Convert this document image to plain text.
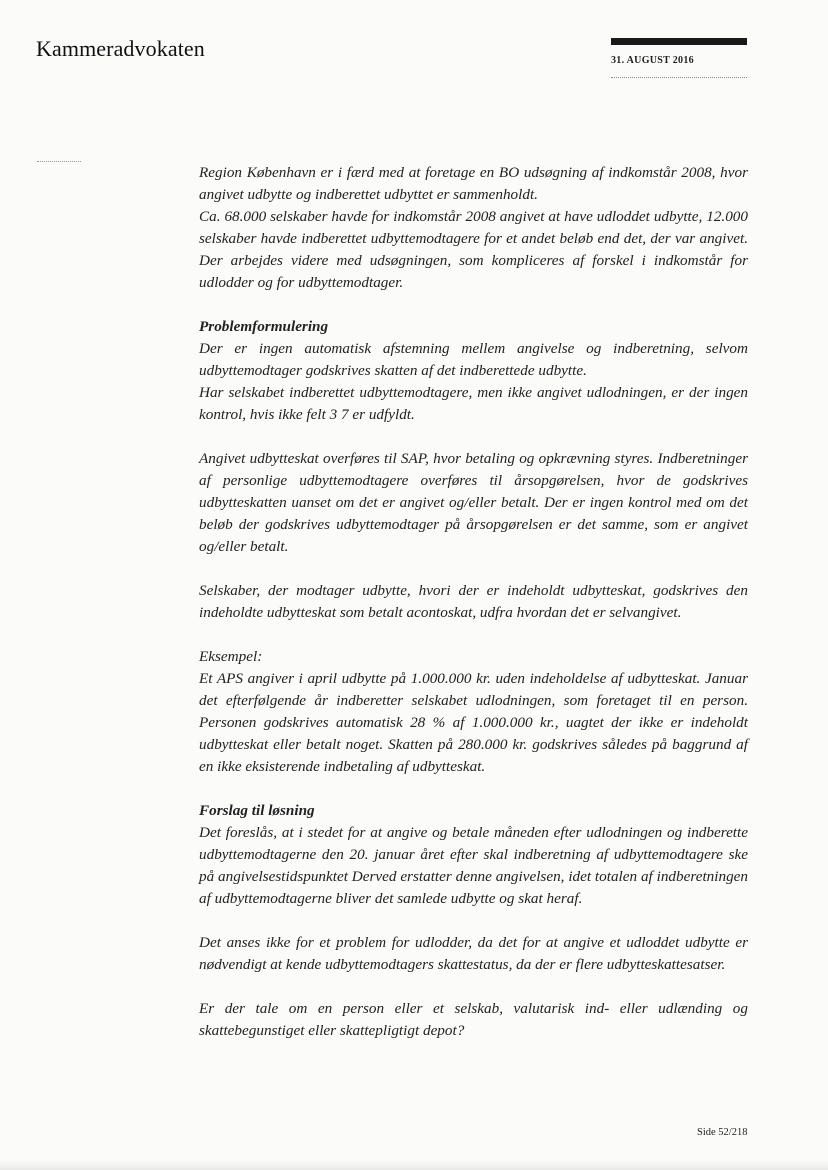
Kammeradvokaten	31. AUGUST 2016

Region København er i færd med at foretage en BO udsøgning af indkomstår 2008, hvor angivet udbytte og indberettet udbyttet er sammenholdt.

Ca. 68.000 selskaber havde for indkomstår 2008 angivet at have udloddet udbytte, 12.000 selskaber havde indberettet udbyttemodtagere for et andet beløb end det, der var angivet. Der arbejdes videre med udsøgningen, som kompliceres af forskel i indkomstår for udlodder og for udbyttemodtager.

Problemformulering

Der er ingen automatisk afstemning mellem angivelse og indberetning, selvom udbyttemodtager godskrives skatten af det indberettede udbytte.

Har selskabet indberettet udbyttemodtagere, men ikke angivet udlodningen, er der ingen kontrol, hvis ikke felt 3 7 er udfyldt.

Angivet udbytteskat overføres til SAP, hvor betaling og opkrævning styres. Indberetninger af personlige udbyttemodtagere overføres til årsopgørelsen, hvor de godskrives udbytteskatten uanset om det er angivet og/eller betalt. Der er ingen kontrol med om det beløb der godskrives udbyttemodtager på årsopgørelsen er det samme, som er angivet og/eller betalt.

Selskaber, der modtager udbytte, hvori der er indeholdt udbytteskat, godskrives den indeholdte udbytteskat som betalt acontoskat, udfra hvordan det er selvangivet.

Eksempel:

Et APS angiver i april udbytte på 1.000.000 kr. uden indeholdelse af udbytteskat. Januar det efterfølgende år indberetter selskabet udlodningen, som foretaget til en person. Personen godskrives automatisk 28 % af 1.000.000 kr., uagtet der ikke er indeholdt udbytteskat eller betalt noget. Skatten på 280.000 kr. godskrives således på baggrund af en ikke eksisterende indbetaling af udbytteskat.

Forslag til løsning

Det foreslås, at i stedet for at angive og betale måneden efter udlodningen og indberette udbyttemodtagerne den 20. januar året efter skal indberetning af udbyttemodtagere ske på angivelsestidspunktet Derved erstatter denne angivelsen, idet totalen af indberetningen af udbyttemodtagerne bliver det samlede udbytte og skat heraf.

Det anses ikke for et problem for udlodder, da det for at angive et udloddet udbytte er nødvendigt at kende udbyttemodtagers skattestatus, da der er flere udbytteskattesatser.

Er der tale om en person eller et selskab, valutarisk ind- eller udlænding og skattebegunstiget eller skattepligtigt depot?

Side 52/218
